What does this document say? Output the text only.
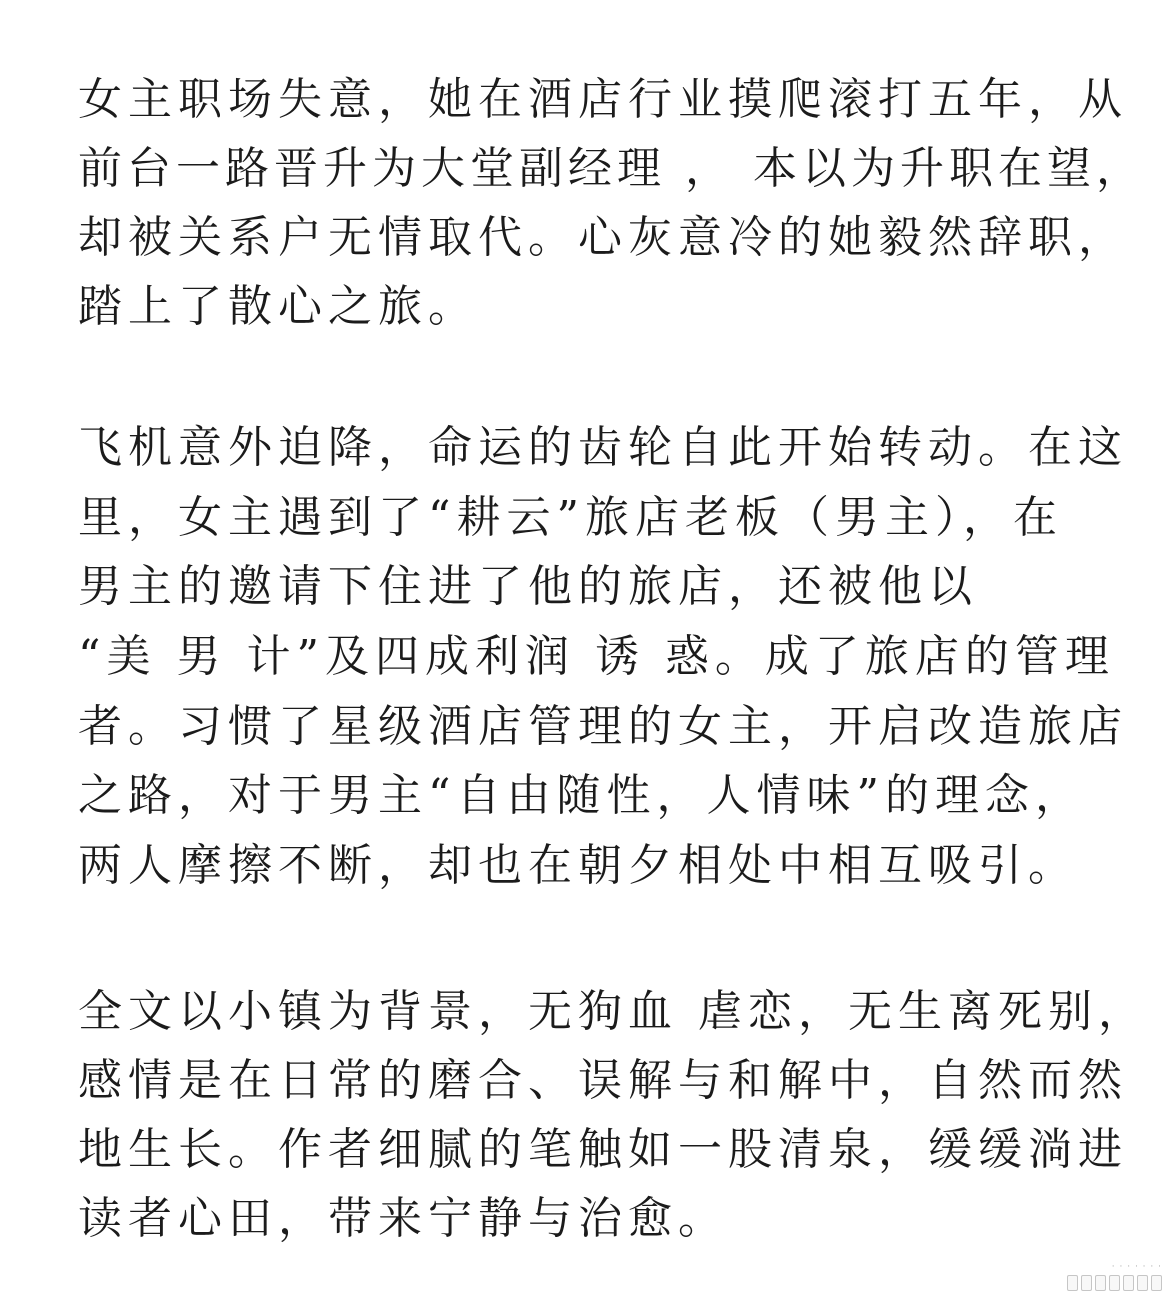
女主职场失意，她在酒店行业摸爬滚打五年，从
前台一路晋升为大堂副经理 ， 本以为升职在望，
却被关系户无情取代。心灰意冷的她毅然辞职，
踏上了散心之旅。
飞机意外迫降，命运的齿轮自此开始转动。在这
里，女主遇到了“耕云”旅店老板（男主），在
男主的邀请下住进了他的旅店，还被他以
“美 男 计”及四成利润 诱 惑。成了旅店的管理
者。习惯了星级酒店管理的女主，开启改造旅店
之路，对于男主“自由随性，人情味”的理念，
两人摩擦不断，却也在朝夕相处中相互吸引。
全文以小镇为背景，无狗血 虐恋，无生离死别，
感情是在日常的磨合、误解与和解中，自然而然
地生长。作者细腻的笔触如一股清泉，缓缓淌进
读者心田，带来宁静与治愈。
· · · · · · ·
